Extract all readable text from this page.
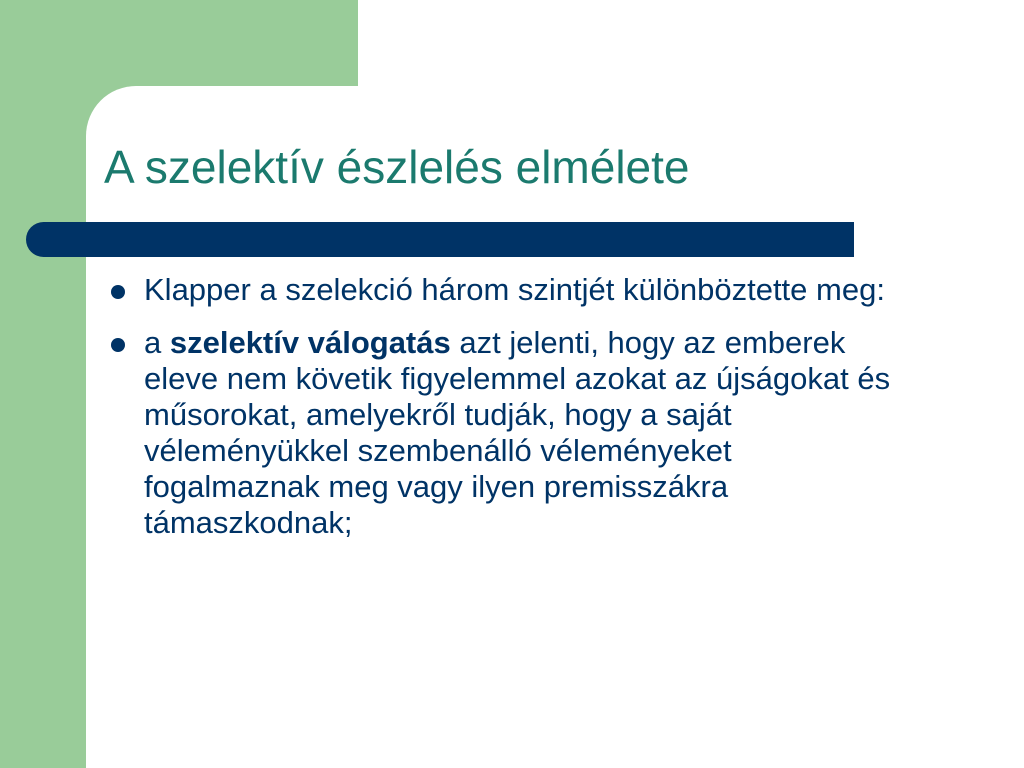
A szelektív észlelés elmélete
Klapper a szelekció három szintjét különböztette meg:
a szelektív válogatás azt jelenti, hogy az emberek eleve nem követik figyelemmel azokat az újságokat és műsorokat, amelyekről tudják, hogy a saját véleményükkel szembenálló véleményeket fogalmaznak meg vagy ilyen premisszákra támaszkodnak;
